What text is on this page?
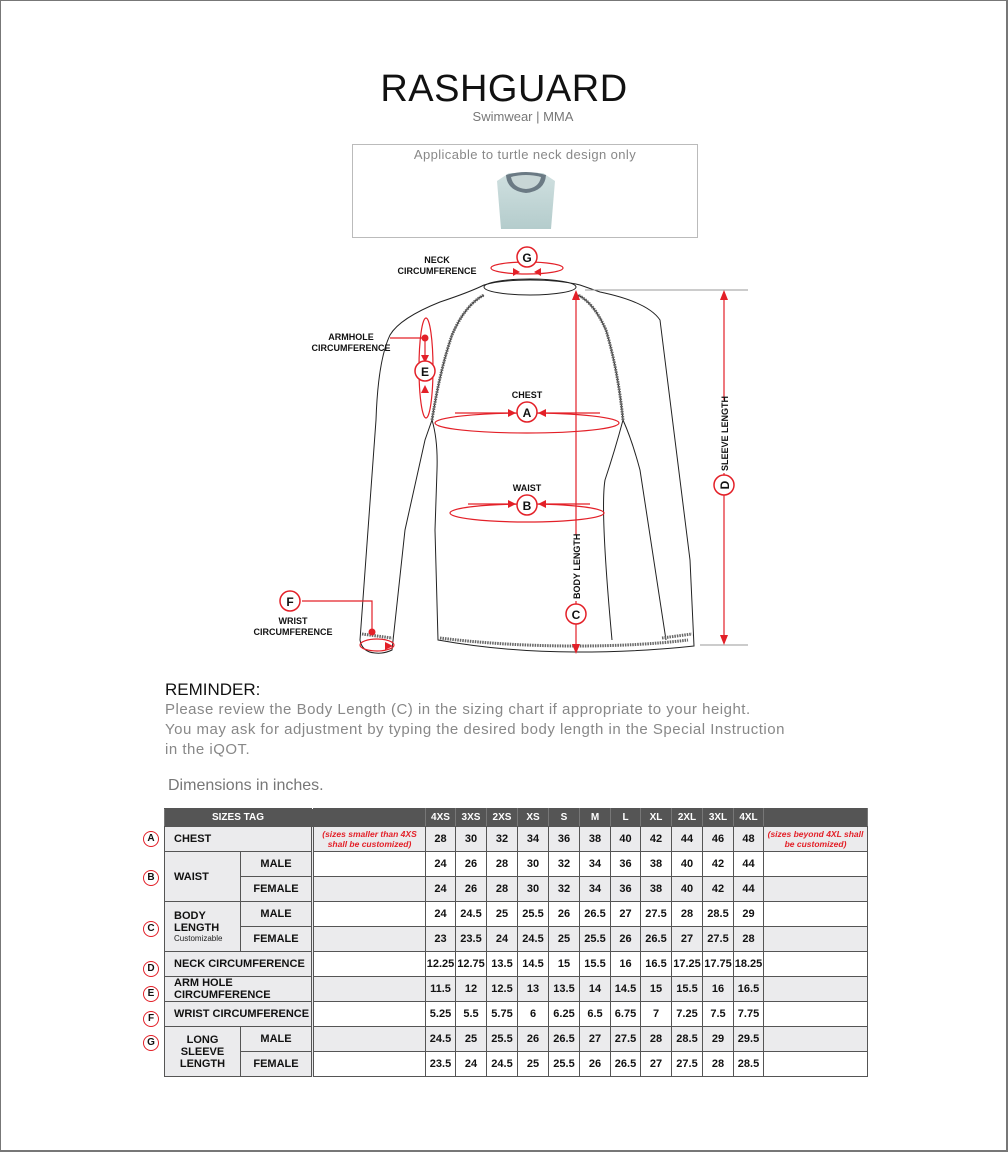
RASHGUARD
Swimwear | MMA
Applicable to turtle neck design only
G
A
B
C
D
E
F
NECK
CIRCUMFERENCE
ARMHOLE
CIRCUMFERENCE
CHEST
WAIST
WRIST
CIRCUMFERENCE
BODY LENGTH
SLEEVE LENGTH
REMINDER:
Please review the Body Length (C) in the sizing chart if appropriate to your height.
You may ask for adjustment by typing the desired body length in the Special Instruction
in the iQOT.
Dimensions in inches.
A
B
C
D
E
F
G
SIZES TAG			4XS	3XS	2XS	XS	S	M	L	XL	2XL	3XL	4XL	
CHEST		(sizes smaller than 4XS shall be customized)	28	30	32	34	36	38	40	42	44	46	48	(sizes beyond 4XL shall be customized)
WAIST	MALE		24	26	28	30	32	34	36	38	40	42	44	
	FEMALE		24	26	28	30	32	34	36	38	40	42	44	
BODY LENGTH
Customizable	MALE		24	24.5	25	25.5	26	26.5	27	27.5	28	28.5	29	
	FEMALE		23	23.5	24	24.5	25	25.5	26	26.5	27	27.5	28	
NECK CIRCUMFERENCE			12.25	12.75	13.5	14.5	15	15.5	16	16.5	17.25	17.75	18.25	
ARM HOLE CIRCUMFERENCE			11.5	12	12.5	13	13.5	14	14.5	15	15.5	16	16.5	
WRIST CIRCUMFERENCE			5.25	5.5	5.75	6	6.25	6.5	6.75	7	7.25	7.5	7.75	
LONG SLEEVE
LENGTH	MALE		24.5	25	25.5	26	26.5	27	27.5	28	28.5	29	29.5	
	FEMALE		23.5	24	24.5	25	25.5	26	26.5	27	27.5	28	28.5	
